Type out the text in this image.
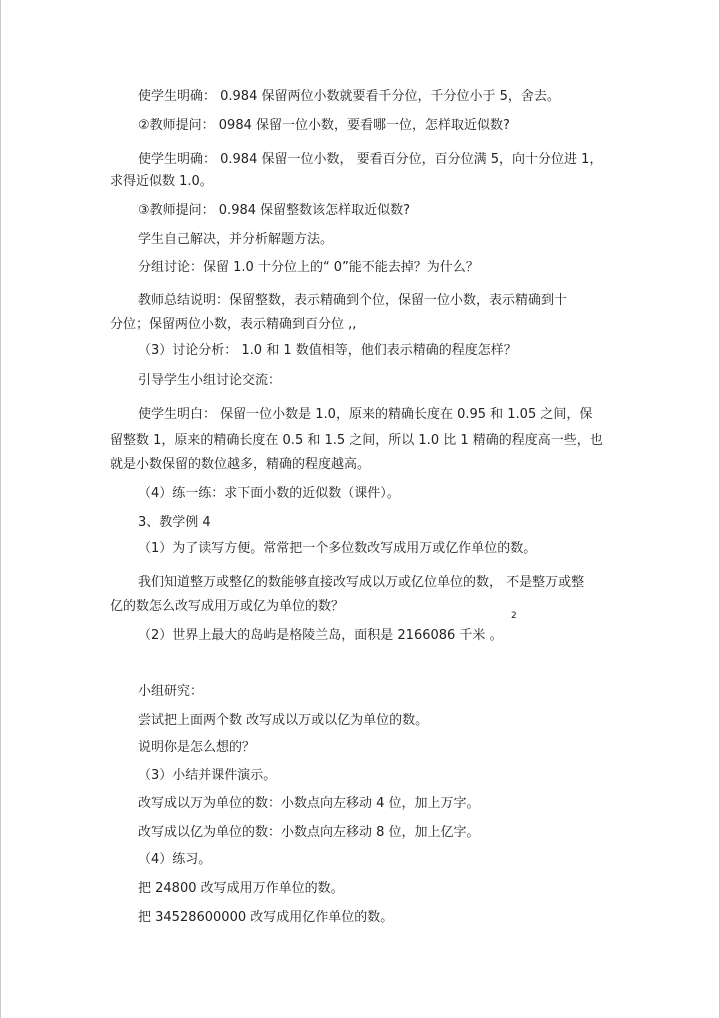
使学生明确： 0.984 保留两位小数就要看千分位，千分位小于 5，舍去。
②教师提问： 0984 保留一位小数，要看哪一位，怎样取近似数?
使学生明确： 0.984 保留一位小数， 要看百分位，百分位满 5，向十分位进 1，
求得近似数 1.0。
③教师提问： 0.984 保留整数该怎样取近似数?
学生自己解决，并分析解题方法。
分组讨论：保留 1.0 十分位上的“ 0”能不能去掉？为什么？
教师总结说明：保留整数，表示精确到个位，保留一位小数，表示精确到十
分位；保留两位小数，表示精确到百分位 ,,
（3）讨论分析： 1.0 和 1 数值相等，他们表示精确的程度怎样？
引导学生小组讨论交流：
使学生明白： 保留一位小数是 1.0，原来的精确长度在 0.95 和 1.05 之间，保
留整数 1，原来的精确长度在 0.5 和 1.5 之间，所以 1.0 比 1 精确的程度高一些，也
就是小数保留的数位越多，精确的程度越高。
（4）练一练：求下面小数的近似数（课件）。
3、教学例 4
（1）为了读写方便。常常把一个多位数改写成用万或亿作单位的数。
我们知道整万或整亿的数能够直接改写成以万或亿位单位的数， 不是整万或整
亿的数怎么改写成用万或亿为单位的数？
（2）世界上最大的岛屿是格陵兰岛，面积是 2166086 千米 。
2
小组研究：
尝试把上面两个数 改写成以万或以亿为单位的数。
说明你是怎么想的？
（3）小结并课件演示。
改写成以万为单位的数：小数点向左移动 4 位，加上万字。
改写成以亿为单位的数：小数点向左移动 8 位，加上亿字。
（4）练习。
把 24800 改写成用万作单位的数。
把 34528600000 改写成用亿作单位的数。
